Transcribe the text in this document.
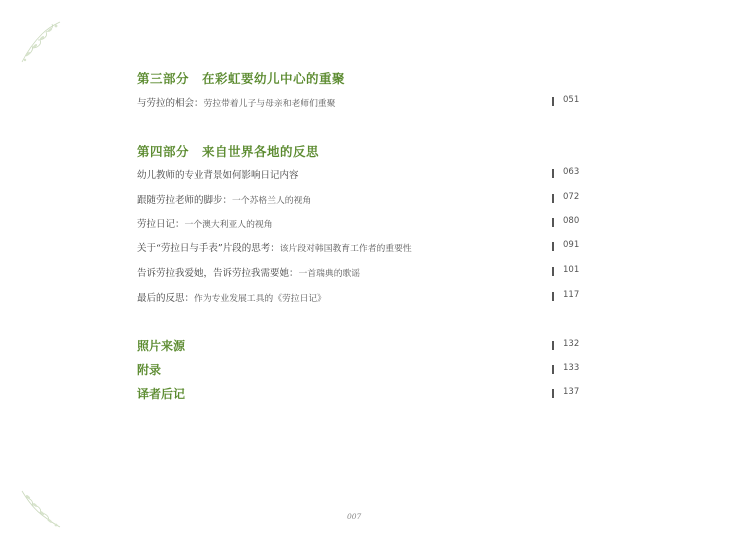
第三部分　在彩虹要幼儿中心的重聚
与劳拉的相会：劳拉带着儿子与母亲和老师们重聚	051
第四部分　来自世界各地的反思
幼儿教师的专业背景如何影响日记内容	063
跟随劳拉老师的脚步：一个苏格兰人的视角	072
劳拉日记：一个澳大利亚人的视角	080
关于“劳拉日与手表”片段的思考：该片段对韩国教育工作者的重要性	091
告诉劳拉我爱她，告诉劳拉我需要她：一首瑞典的歌谣	101
最后的反思：作为专业发展工具的《劳拉日记》	117
照片来源	132
附录	133
译者后记	137
007
